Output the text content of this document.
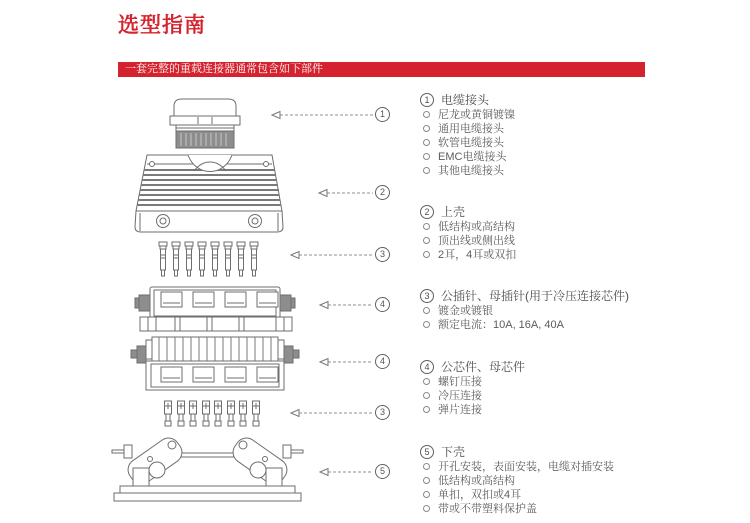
选型指南
一套完整的重载连接器通常包含如下部件
1
2
3
4
4
3
5
1 电缆接头
尼龙或黄铜镀镍
通用电缆接头
软管电缆接头
EMC电缆接头
其他电缆接头
2 上壳
低结构或高结构
顶出线或侧出线
2耳，4耳或双扣
3 公插针、母插针(用于冷压连接芯件)
镀金或镀银
额定电流：10A, 16A, 40A
4 公芯件、母芯件
螺钉压接
冷压连接
弹片连接
5 下壳
开孔安装，表面安装，电缆对插安装
低结构或高结构
单扣，双扣或4耳
带或不带塑料保护盖
